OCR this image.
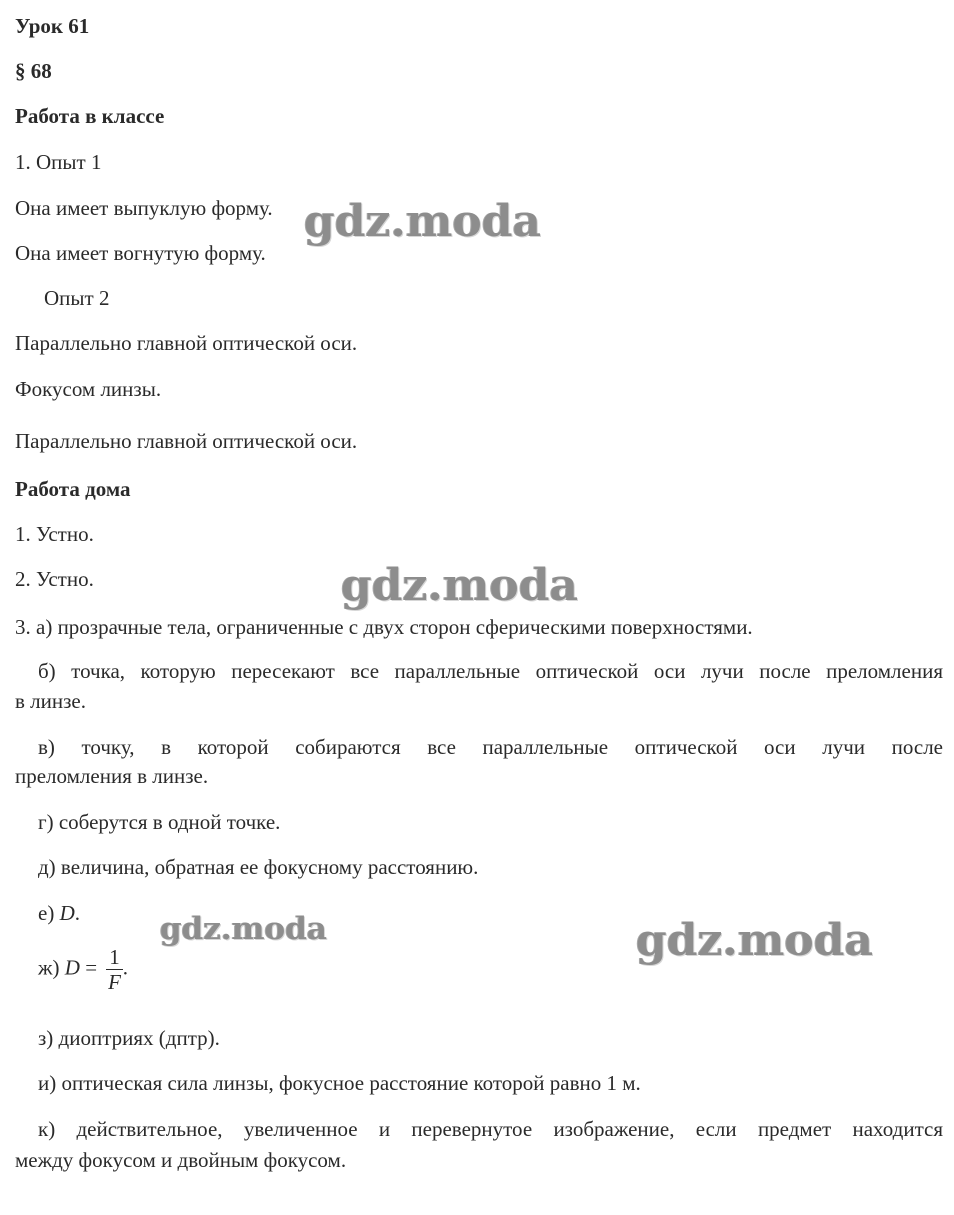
Урок 61
§ 68
Работа в классе
1. Опыт 1
Она имеет выпуклую форму.
Она имеет вогнутую форму.
Опыт 2
Параллельно главной оптической оси.
Фокусом линзы.
Параллельно главной оптической оси.
Работа дома
1. Устно.
2. Устно.
3. а) прозрачные тела, ограниченные с двух сторон сферическими поверхностями.
б) точка, которую пересекают все параллельные оптической оси лучи после преломления
в линзе.
в) точку, в которой собираются все параллельные оптической оси лучи после
преломления в линзе.
г) соберутся в одной точке.
д) величина, обратная ее фокусному расстоянию.
е) D.
ж) $D = \frac{1}{F}$ .
з) диоптриях (дптр).
и) оптическая сила линзы, фокусное расстояние которой равно 1 м.
к) действительное, увеличенное и перевернутое изображение, если предмет находится
между фокусом и двойным фокусом.
gdz.moda
gdz.moda
gdz.moda	gdz.moda
